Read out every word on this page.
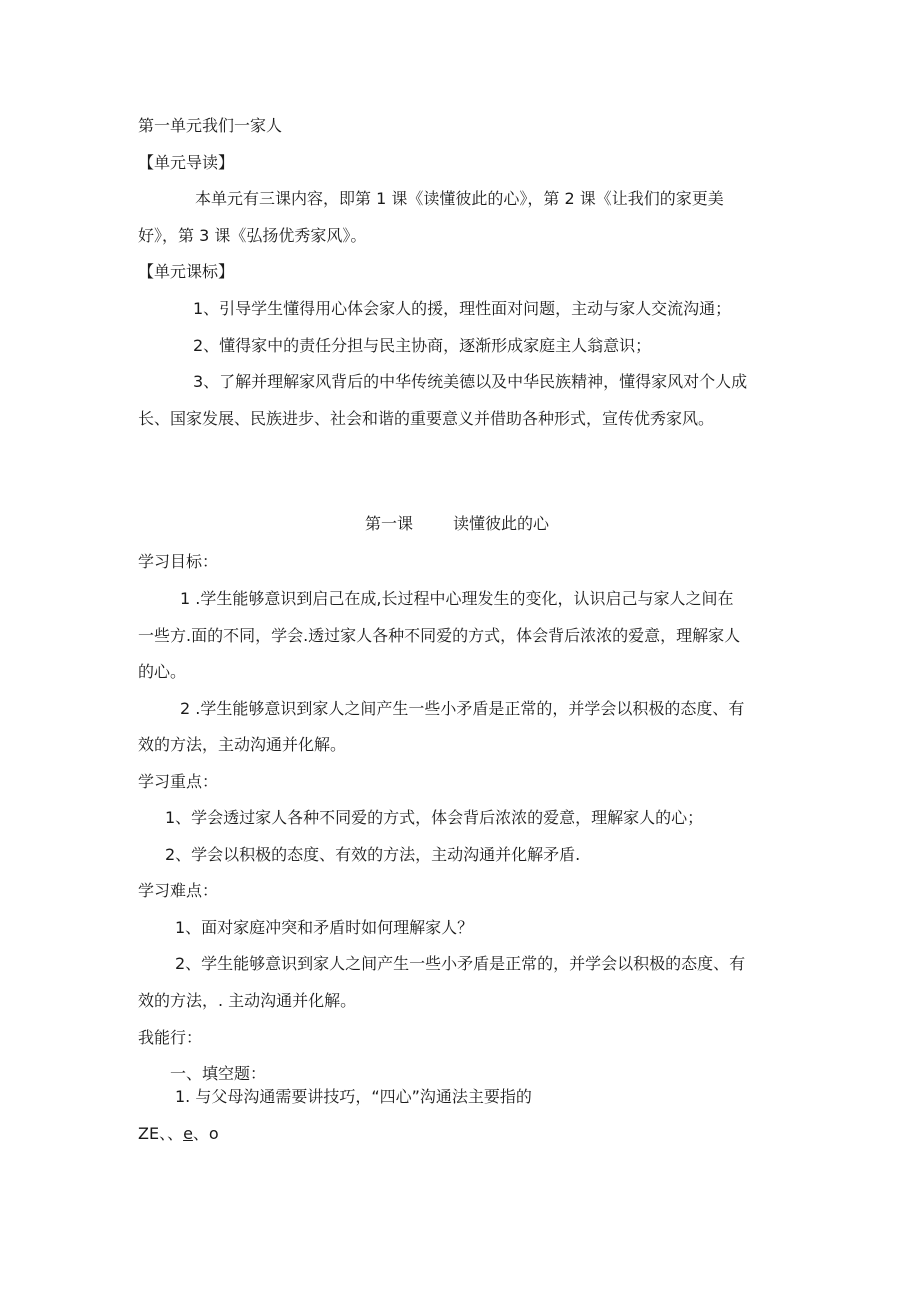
第一单元我们一家人
【单元导读】
本单元有三课内容，即第 1 课《读懂彼此的心》，第 2 课《让我们的家更美
好》，第 3 课《弘扬优秀家风》。
【单元课标】
1、引导学生懂得用心体会家人的援，理性面对问题，主动与家人交流沟通；
2、懂得家中的责任分担与民主协商，逐渐形成家庭主人翁意识；
3、了解并理解家风背后的中华传统美德以及中华民族精神，懂得家风对个人成
长、国家发展、民族进步、社会和谐的重要意义并借助各种形式，宣传优秀家风。
第一课	读懂彼此的心
学习目标：
1 .学生能够意识到启己在成,长过程中心理发生的变化，认识启己与家人之间在
一些方.面的不同，学会.透过家人各种不同爱的方式，体会背后浓浓的爱意，理解家人
的心。
2 .学生能够意识到家人之间产生一些小矛盾是正常的，并学会以积极的态度、有
效的方法，主动沟通并化解。
学习重点：
1、学会透过家人各种不同爱的方式，体会背后浓浓的爱意，理解家人的心；
2、学会以积极的态度、有效的方法，主动沟通并化解矛盾.
学习难点：
1、面对家庭冲突和矛盾时如何理解家人？
2、学生能够意识到家人之间产生一些小矛盾是正常的，并学会以积极的态度、有
效的方法，. 主动沟通并化解。
我能行：
一、填空题：
1. 与父母沟通需要讲技巧，“四心”沟通法主要指的
ZE、、e、o
